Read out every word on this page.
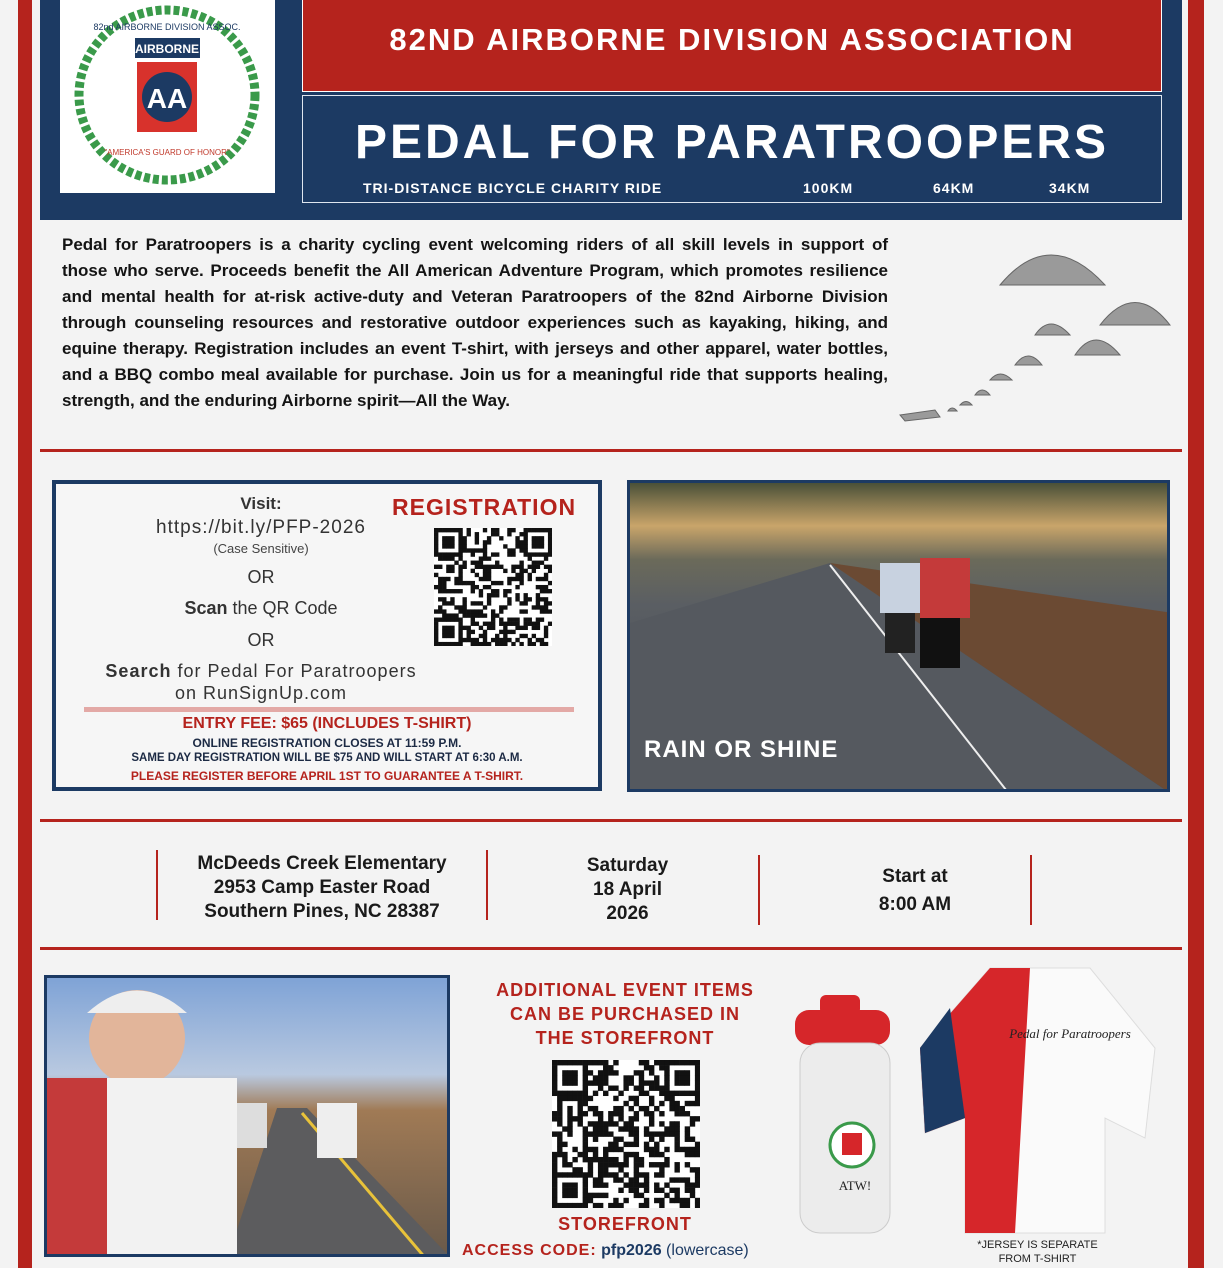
AIRBORNE
AA
82nd AIRBORNE DIVISION ASSOC.
"AMERICA'S GUARD OF HONOR"
82ND AIRBORNE DIVISION ASSOCIATION
PEDAL FOR PARATROOPERS
TRI-DISTANCE BICYCLE CHARITY RIDE	100KM	64KM	34KM
Pedal for Paratroopers is a charity cycling event welcoming riders of all skill levels in support of those who serve. Proceeds benefit the All American Adventure Program, which promotes resilience and mental health for at-risk active-duty and Veteran Paratroopers of the 82nd Airborne Division through counseling resources and restorative outdoor experiences such as kayaking, hiking, and equine therapy. Registration includes an event T-shirt, with jerseys and other apparel, water bottles, and a BBQ combo meal available for purchase. Join us for a meaningful ride that supports healing, strength, and the enduring Airborne spirit—All the Way.
Visit:
https://bit.ly/PFP-2026
(Case Sensitive)
OR
Scan the QR Code
OR
Search for Pedal For Paratroopers
on RunSignUp.com
REGISTRATION
ENTRY FEE: $65 (INCLUDES T-SHIRT)
ONLINE REGISTRATION CLOSES AT 11:59 P.M.
SAME DAY REGISTRATION WILL BE $75 AND WILL START AT 6:30 A.M.
PLEASE REGISTER BEFORE APRIL 1ST TO GUARANTEE A T-SHIRT.
RAIN OR SHINE
McDeeds Creek Elementary
2953 Camp Easter Road
Southern Pines, NC 28387
Saturday
18 April
2026
Start at
8:00 AM
ADDITIONAL EVENT ITEMS
CAN BE PURCHASED IN
THE STOREFRONT
STOREFRONT
ACCESS CODE: pfp2026 (lowercase)
ATW!
Pedal for Paratroopers
*JERSEY IS SEPARATE
FROM T-SHIRT
